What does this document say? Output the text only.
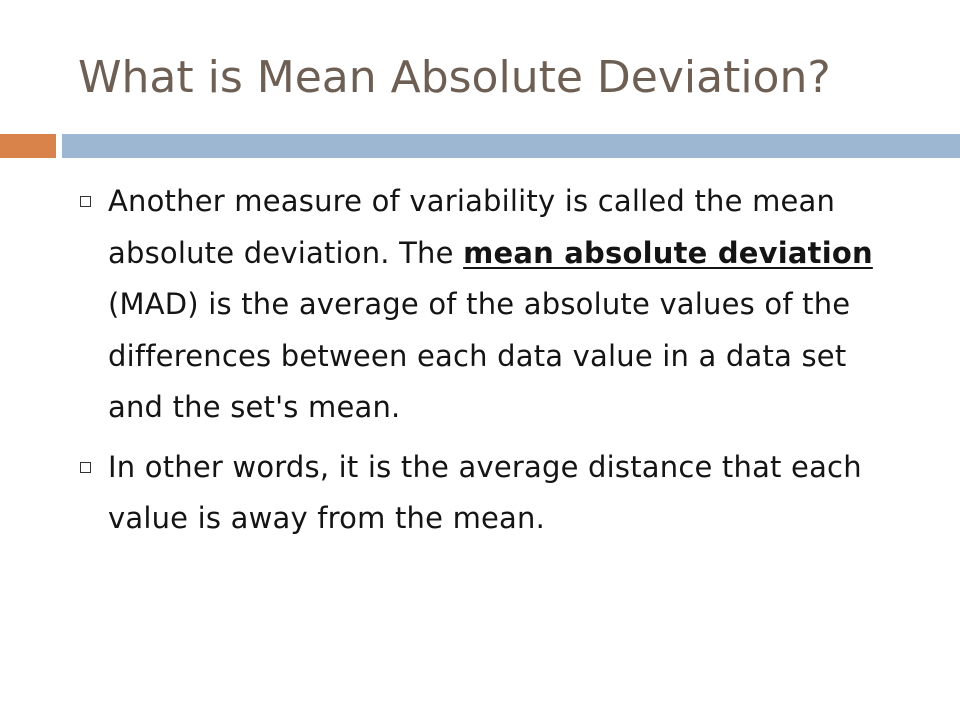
What is Mean Absolute Deviation?
Another measure of variability is called the mean absolute deviation. The mean absolute deviation (MAD) is the average of the absolute values of the differences between each data value in a data set and the set's mean.
In other words, it is the average distance that each value is away from the mean.
